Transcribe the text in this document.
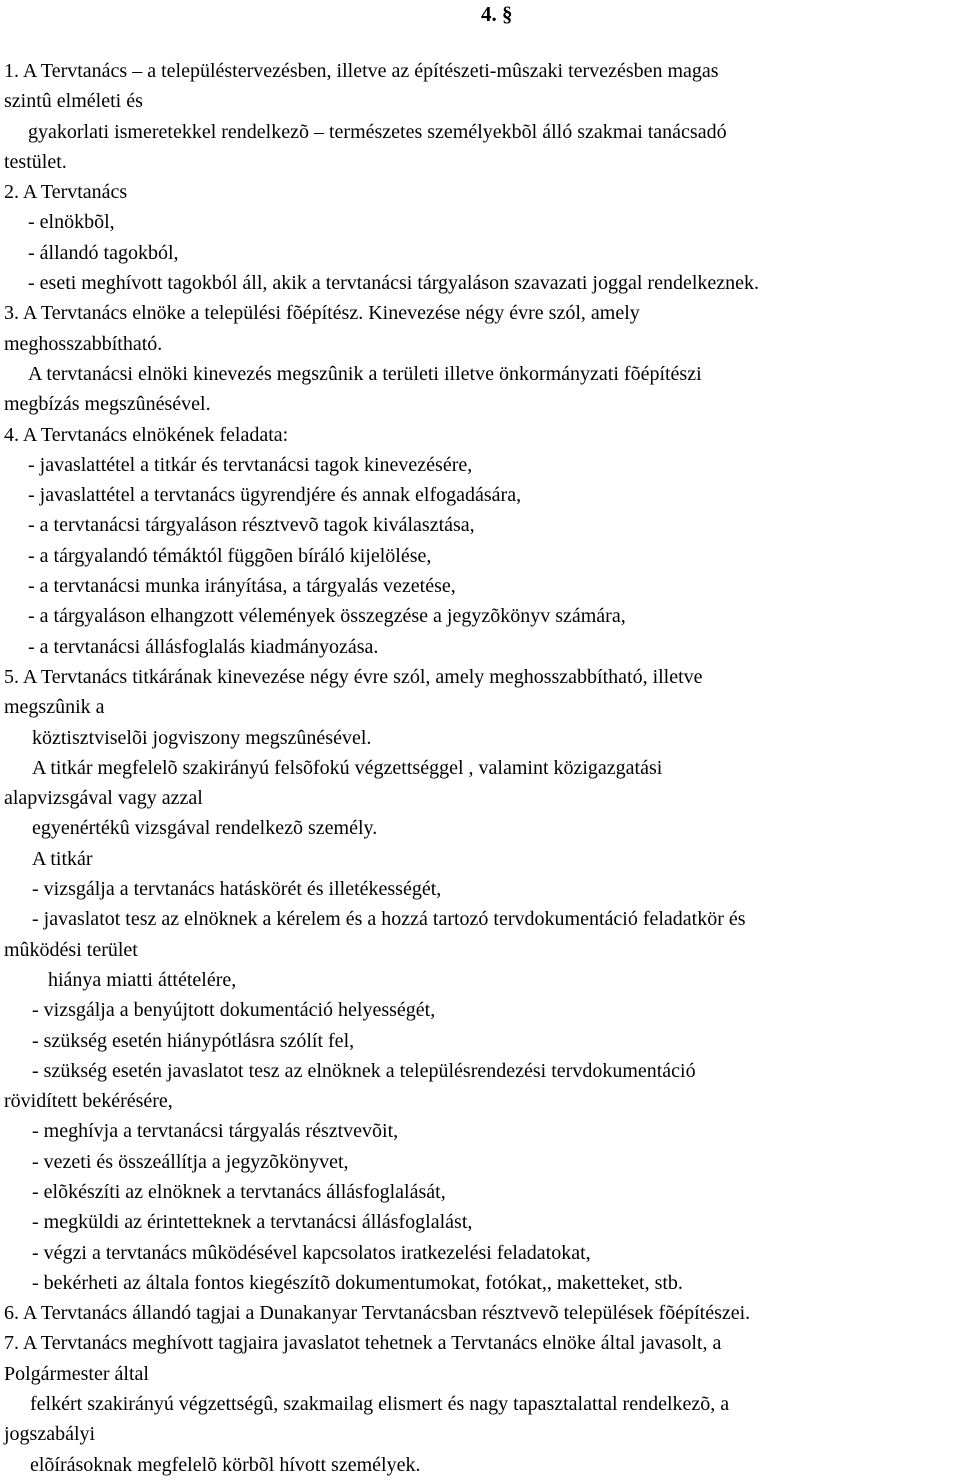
4. §
1. A Tervtanács – a településtervezésben, illetve az építészeti-mûszaki tervezésben magas
szintû elméleti és
gyakorlati ismeretekkel rendelkezõ – természetes személyekbõl álló szakmai tanácsadó
testület.
2. A Tervtanács
- elnökbõl,
- állandó tagokból,
- eseti meghívott tagokból áll, akik a tervtanácsi tárgyaláson szavazati joggal rendelkeznek.
3. A Tervtanács elnöke a települési fõépítész. Kinevezése négy évre szól, amely
meghosszabbítható.
A tervtanácsi elnöki kinevezés megszûnik a területi illetve önkormányzati fõépítészi
megbízás megszûnésével.
4. A Tervtanács elnökének feladata:
- javaslattétel a titkár és tervtanácsi tagok kinevezésére,
- javaslattétel a tervtanács ügyrendjére és annak elfogadására,
- a tervtanácsi tárgyaláson résztvevõ tagok kiválasztása,
- a tárgyalandó témáktól függõen bíráló kijelölése,
- a tervtanácsi munka irányítása, a tárgyalás vezetése,
- a tárgyaláson elhangzott vélemények összegzése a jegyzõkönyv számára,
- a tervtanácsi állásfoglalás kiadmányozása.
5. A Tervtanács titkárának kinevezése négy évre szól, amely meghosszabbítható, illetve
megszûnik a
köztisztviselõi jogviszony megszûnésével.
A titkár megfelelõ szakirányú felsõfokú végzettséggel , valamint közigazgatási
alapvizsgával vagy azzal
egyenértékû vizsgával rendelkezõ személy.
A titkár
- vizsgálja a tervtanács hatáskörét és illetékességét,
- javaslatot tesz az elnöknek a kérelem és a hozzá tartozó tervdokumentáció feladatkör és
mûködési terület
hiánya miatti áttételére,
- vizsgálja a benyújtott dokumentáció helyességét,
- szükség esetén hiánypótlásra szólít fel,
- szükség esetén javaslatot tesz az elnöknek a településrendezési tervdokumentáció
rövidített bekérésére,
- meghívja a tervtanácsi tárgyalás résztvevõit,
- vezeti és összeállítja a jegyzõkönyvet,
- elõkészíti az elnöknek a tervtanács állásfoglalását,
- megküldi az érintetteknek a tervtanácsi állásfoglalást,
- végzi a tervtanács mûködésével kapcsolatos iratkezelési feladatokat,
- bekérheti az általa fontos kiegészítõ dokumentumokat, fotókat,, maketteket, stb.
6. A Tervtanács állandó tagjai a Dunakanyar Tervtanácsban résztvevõ települések fõépítészei.
7. A Tervtanács meghívott tagjaira javaslatot tehetnek a Tervtanács elnöke által javasolt, a
Polgármester által
felkért szakirányú végzettségû, szakmailag elismert és nagy tapasztalattal rendelkezõ, a
jogszabályi
elõírásoknak megfelelõ körbõl hívott személyek.
